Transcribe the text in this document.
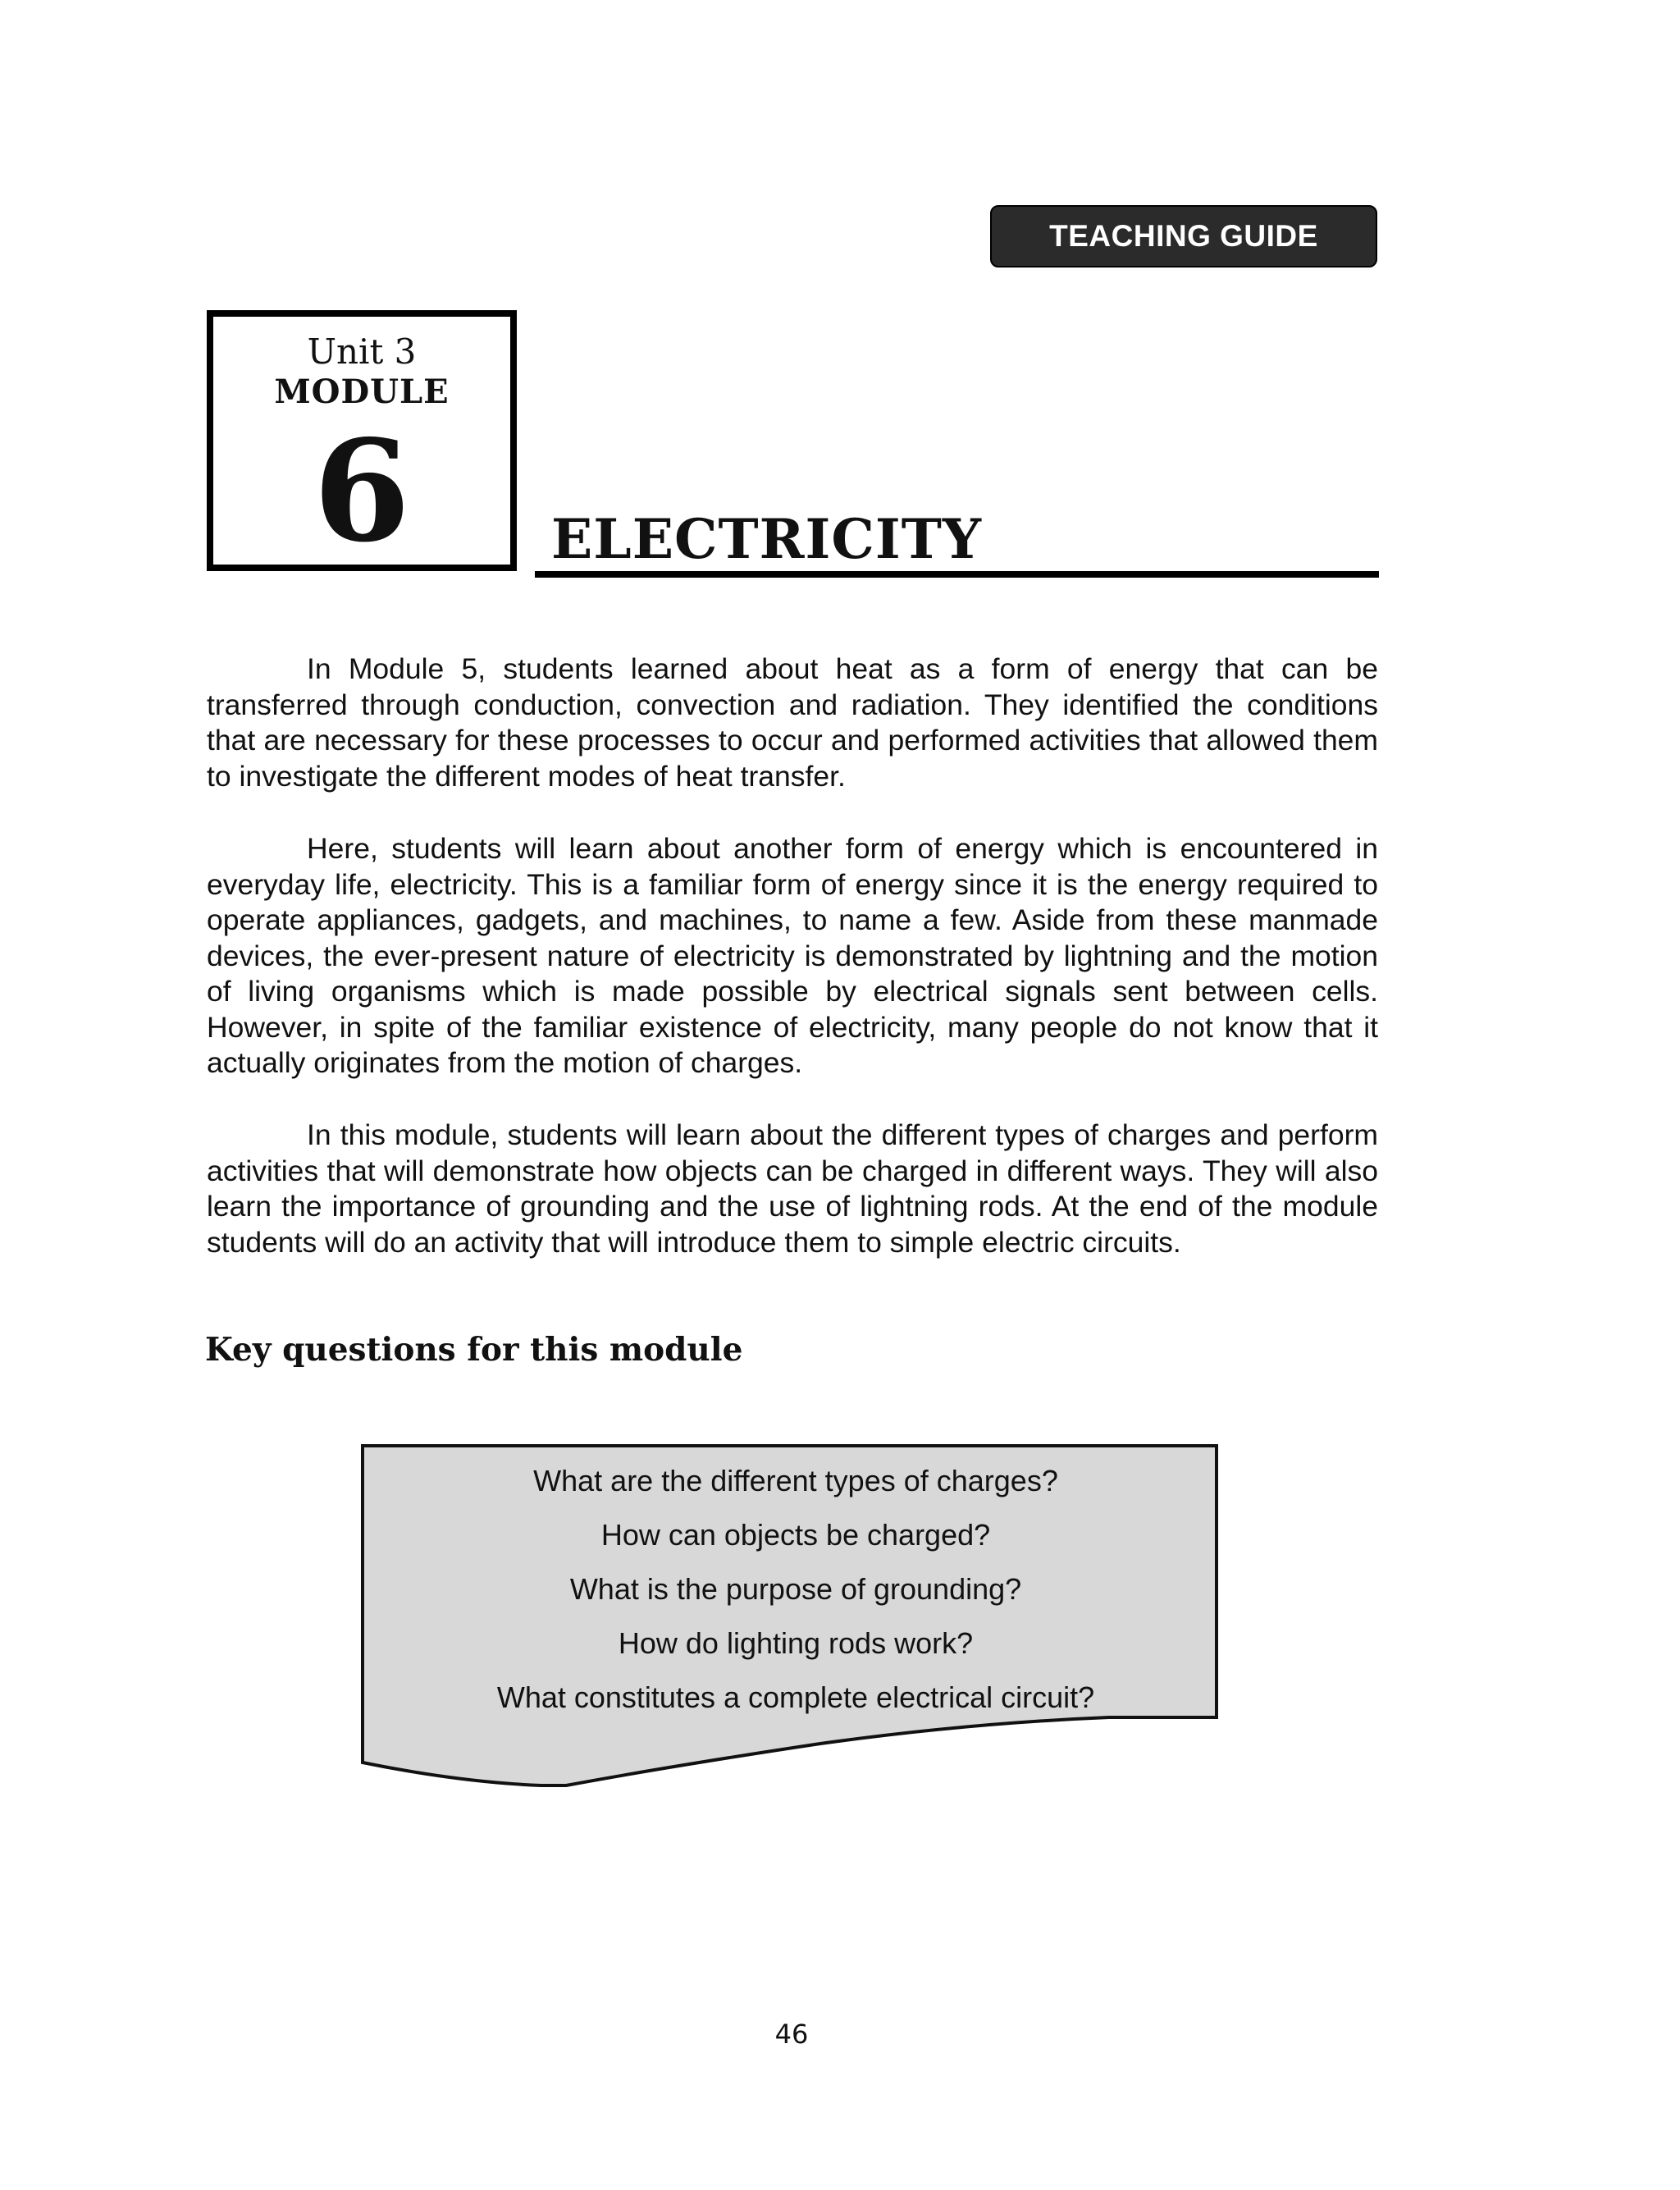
TEACHING GUIDE
Unit 3
MODULE
6	ELECTRICITY

In Module 5, students learned about heat as a form of energy that can be transferred through conduction, convection and radiation. They identified the conditions that are necessary for these processes to occur and performed activities that allowed them to investigate the different modes of heat transfer.

Here, students will learn about another form of energy which is encountered in everyday life, electricity. This is a familiar form of energy since it is the energy required to operate appliances, gadgets, and machines, to name a few. Aside from these manmade devices, the ever-present nature of electricity is demonstrated by lightning and the motion of living organisms which is made possible by electrical signals sent between cells. However, in spite of the familiar existence of electricity, many people do not know that it actually originates from the motion of charges.

In this module, students will learn about the different types of charges and perform activities that will demonstrate how objects can be charged in different ways. They will also learn the importance of grounding and the use of lightning rods. At the end of the module students will do an activity that will introduce them to simple electric circuits.

Key questions for this module
What are the different types of charges?
How can objects be charged?
What is the purpose of grounding?
How do lighting rods work?
What constitutes a complete electrical circuit?
46
